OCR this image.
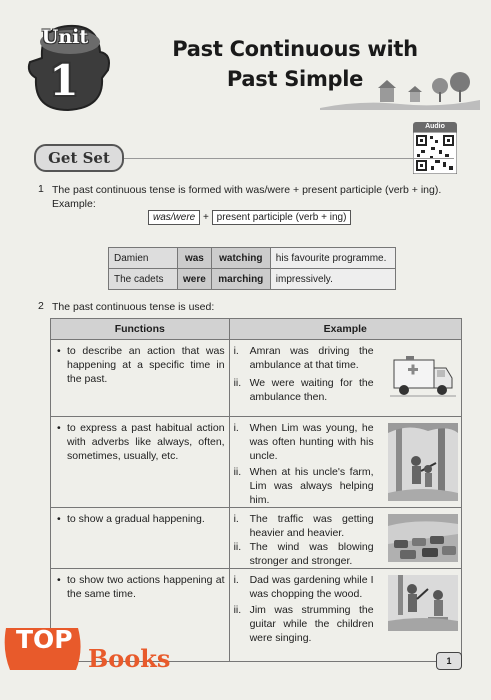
Unit
1
Past Continuous with
Past Simple
Audio
Get Set
1 The past continuous tense is formed with was/were + present participle (verb + ing). Example:
was/were + present participle (verb + ing)
Damien	was	watching	his favourite programme.
The cadets	were	marching	impressively.
2 The past continuous tense is used:
Functions	Example
• to describe an action that was happening at a specific time in the past.
i.	Amran was driving the ambulance at that time.
ii. We were waiting for the ambulance then.
• to express a past habitual action with adverbs like always, often, sometimes, usually, etc.
i.	When Lim was young, he was often hunting with his uncle.
ii. When at his uncle's farm, Lim was always helping him.
• to show a gradual happening.	i.	The traffic was getting heavier and heavier.
ii. The wind was blowing stronger and stronger.
• to show two actions happening at the same time.
i.	Dad was gardening while I was chopping the wood.
ii. Jim was strumming the guitar while the children were singing.
TOP
Books	1
